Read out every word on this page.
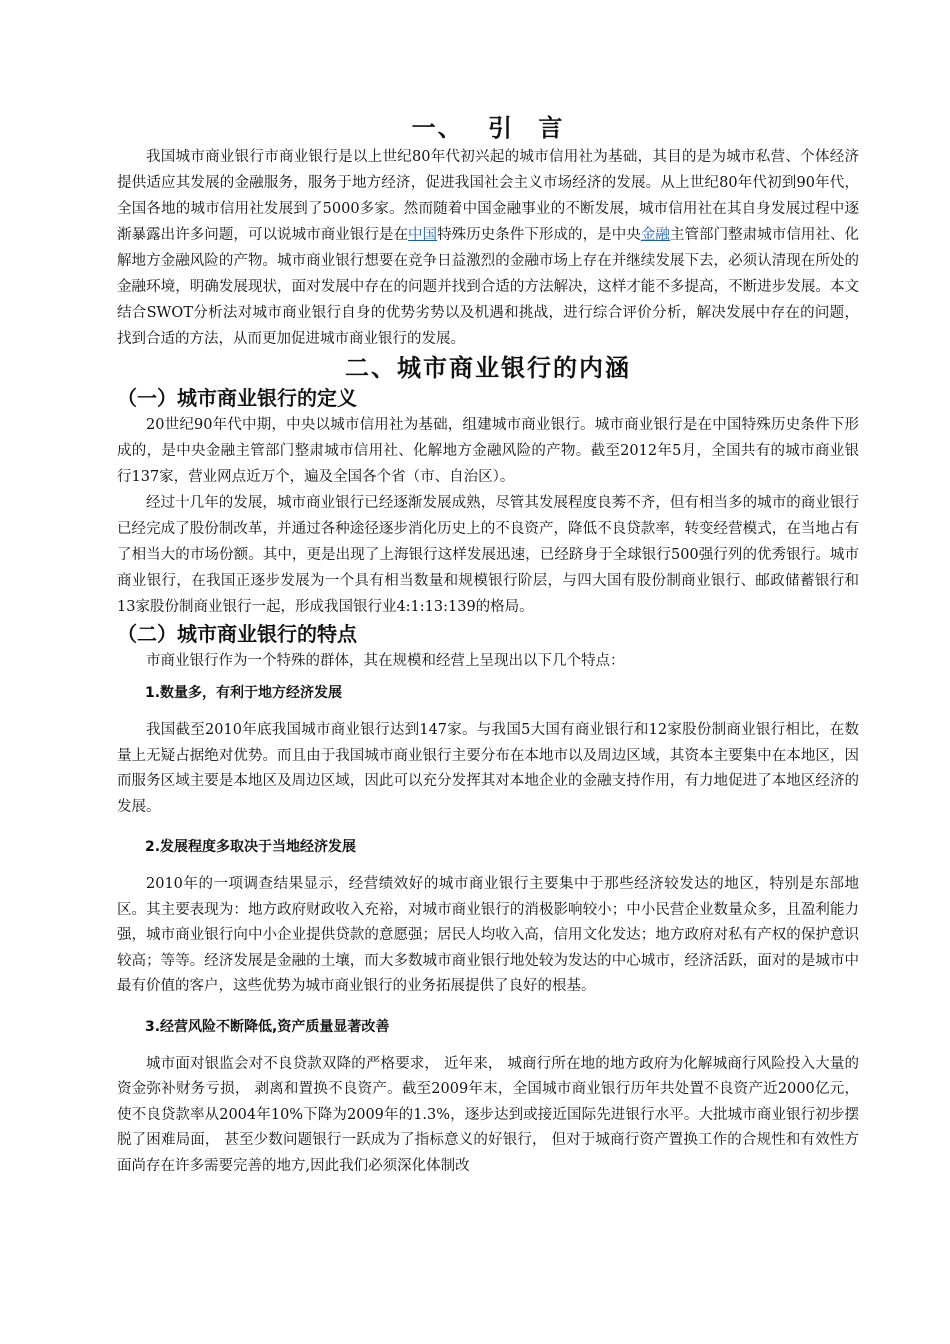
一、 引 言

我国城市商业银行市商业银行是以上世纪80年代初兴起的城市信用社为基础，其目的是为城市私营、个体经济提供适应其发展的金融服务，服务于地方经济，促进我国社会主义市场经济的发展。从上世纪80年代初到90年代，全国各地的城市信用社发展到了5000多家。然而随着中国金融事业的不断发展，城市信用社在其自身发展过程中逐渐暴露出许多问题，可以说城市商业银行是在中国特殊历史条件下形成的，是中央金融主管部门整肃城市信用社、化解地方金融风险的产物。城市商业银行想要在竞争日益激烈的金融市场上存在并继续发展下去，必须认清现在所处的金融环境，明确发展现状，面对发展中存在的问题并找到合适的方法解决，这样才能不多提高，不断进步发展。本文结合SWOT分析法对城市商业银行自身的优势劣势以及机遇和挑战，进行综合评价分析，解决发展中存在的问题，找到合适的方法，从而更加促进城市商业银行的发展。

二、城市商业银行的内涵
（一）城市商业银行的定义

20世纪90年代中期，中央以城市信用社为基础，组建城市商业银行。城市商业银行是在中国特殊历史条件下形成的，是中央金融主管部门整肃城市信用社、化解地方金融风险的产物。截至2012年5月，全国共有的城市商业银行137家，营业网点近万个，遍及全国各个省（市、自治区）。

经过十几年的发展，城市商业银行已经逐渐发展成熟，尽管其发展程度良莠不齐，但有相当多的城市的商业银行已经完成了股份制改革，并通过各种途径逐步消化历史上的不良资产，降低不良贷款率，转变经营模式，在当地占有了相当大的市场份额。其中，更是出现了上海银行这样发展迅速，已经跻身于全球银行500强行列的优秀银行。城市商业银行，在我国正逐步发展为一个具有相当数量和规模银行阶层，与四大国有股份制商业银行、邮政储蓄银行和13家股份制商业银行一起，形成我国银行业4:1:13:139的格局。

（二）城市商业银行的特点

市商业银行作为一个特殊的群体，其在规模和经营上呈现出以下几个特点：

1.数量多，有利于地方经济发展

我国截至2010年底我国城市商业银行达到147家。与我国5大国有商业银行和12家股份制商业银行相比，在数量上无疑占据绝对优势。而且由于我国城市商业银行主要分布在本地市以及周边区域，其资本主要集中在本地区，因而服务区域主要是本地区及周边区域，因此可以充分发挥其对本地企业的金融支持作用，有力地促进了本地区经济的发展。

2.发展程度多取决于当地经济发展

2010年的一项调查结果显示，经营绩效好的城市商业银行主要集中于那些经济较发达的地区，特别是东部地区。其主要表现为：地方政府财政收入充裕，对城市商业银行的消极影响较小；中小民营企业数量众多，且盈利能力强，城市商业银行向中小企业提供贷款的意愿强；居民人均收入高，信用文化发达；地方政府对私有产权的保护意识较高；等等。经济发展是金融的土壤，而大多数城市商业银行地处较为发达的中心城市，经济活跃，面对的是城市中最有价值的客户，这些优势为城市商业银行的业务拓展提供了良好的根基。

3.经营风险不断降低,资产质量显著改善

城市面对银监会对不良贷款双降的严格要求， 近年来， 城商行所在地的地方政府为化解城商行风险投入大量的资金弥补财务亏损， 剥离和置换不良资产。截至2009年末，全国城市商业银行历年共处置不良资产近2000亿元，使不良贷款率从2004年10%下降为2009年的1.3%，逐步达到或接近国际先进银行水平。大批城市商业银行初步摆脱了困难局面， 甚至少数问题银行一跃成为了指标意义的好银行， 但对于城商行资产置换工作的合规性和有效性方面尚存在许多需要完善的地方,因此我们必须深化体制改
